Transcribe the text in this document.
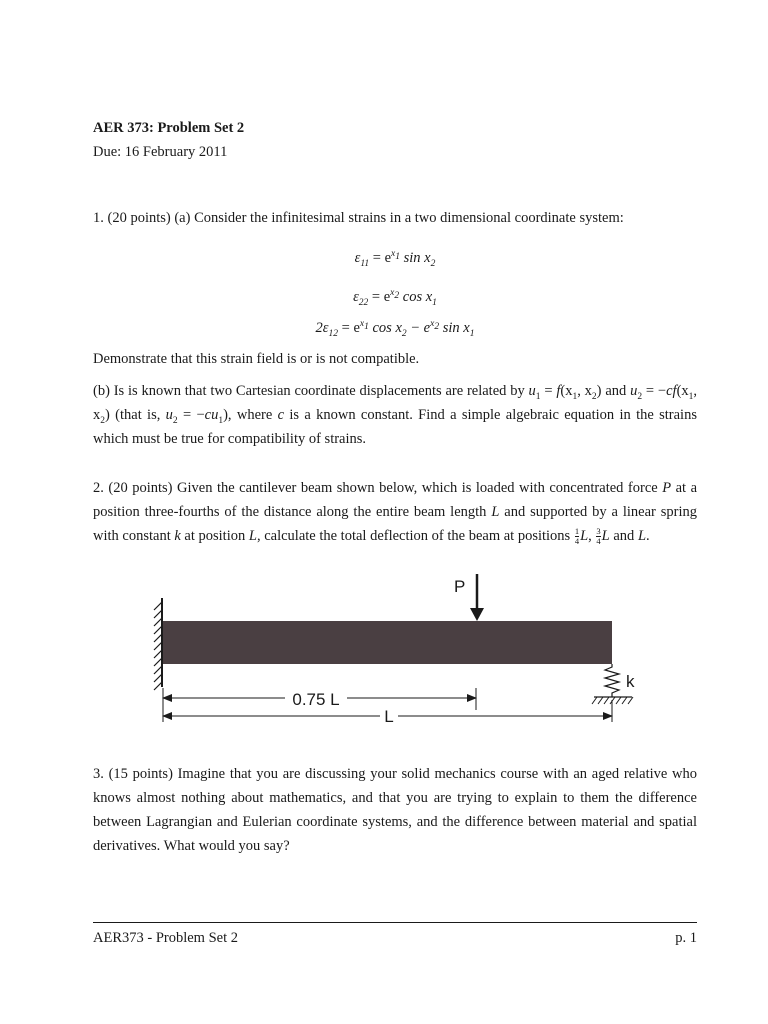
AER 373: Problem Set 2
Due: 16 February 2011
1. (20 points) (a) Consider the infinitesimal strains in a two dimensional coordinate system:
$\varepsilon_{11} = e^{x_1}$ $\sin x_2$
$\varepsilon_{22} = e^{x_2}$ $\cos x_1$
$2\varepsilon_{12} = e^{x_1}$ $\cos x_2 - e^{x_2}$ $\sin x_1$
Demonstrate that this strain field is or is not compatible.
(b) Is is known that two Cartesian coordinate displacements are related by $u_1 = f(x_1$, $x_2$) and $u_2 = -cf(x_1$, $x_2$) (that is, $u_2 = -cu_1$), where c is a known constant. Find a simple algebraic equation in the strains which must be true for compatibility of strains.
2. (20 points) Given the cantilever beam shown below, which is loaded with concentrated force P at a position three-fourths of the distance along the entire beam length L and supported by a linear spring with constant k at position L, calculate the total deflection of the beam at positions $\frac{1}{4} L$, $\frac{3}{4}$ L and L.
P
k
0.75 L
L
3. (15 points) Imagine that you are discussing your solid mechanics course with an aged relative who knows almost nothing about mathematics, and that you are trying to explain to them the difference between Lagrangian and Eulerian coordinate systems, and the difference between material and spatial derivatives. What would you say?
AER373 - Problem Set 2	p. 1
